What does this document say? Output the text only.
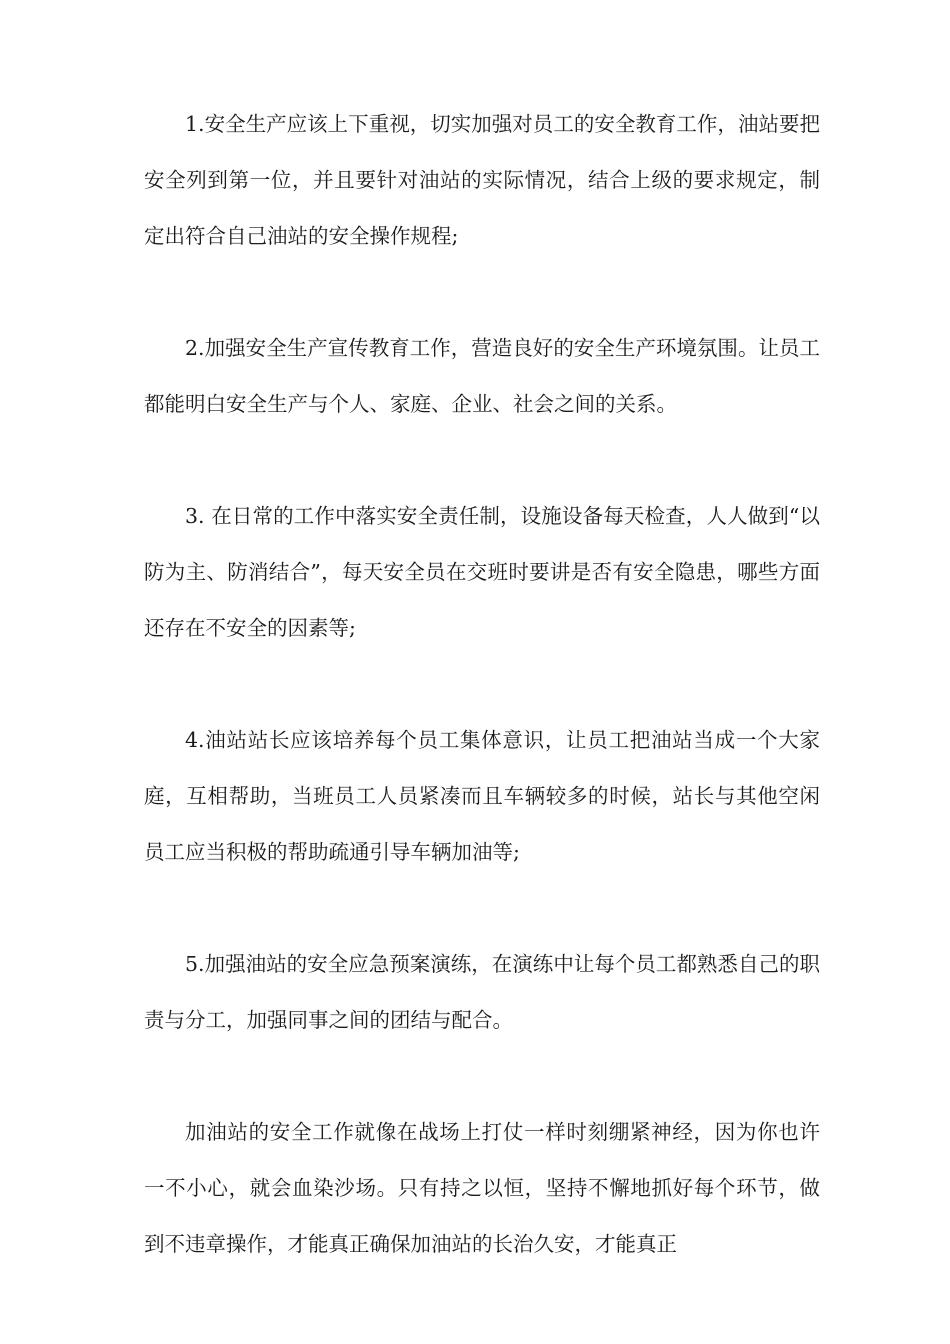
1.安全生产应该上下重视，切实加强对员工的安全教育工作，油站要把安全列到第一位，并且要针对油站的实际情况，结合上级的要求规定，制定出符合自己油站的安全操作规程;

2.加强安全生产宣传教育工作，营造良好的安全生产环境氛围。让员工都能明白安全生产与个人、家庭、企业、社会之间的关系。

3. 在日常的工作中落实安全责任制，设施设备每天检查，人人做到“以防为主、防消结合”，每天安全员在交班时要讲是否有安全隐患，哪些方面还存在不安全的因素等;

4.油站站长应该培养每个员工集体意识，让员工把油站当成一个大家庭，互相帮助，当班员工人员紧凑而且车辆较多的时候，站长与其他空闲员工应当积极的帮助疏通引导车辆加油等;

5.加强油站的安全应急预案演练，在演练中让每个员工都熟悉自己的职责与分工，加强同事之间的团结与配合。

加油站的安全工作就像在战场上打仗一样时刻绷紧神经，因为你也许一不小心，就会血染沙场。只有持之以恒，坚持不懈地抓好每个环节，做到不违章操作，才能真正确保加油站的长治久安，才能真正
